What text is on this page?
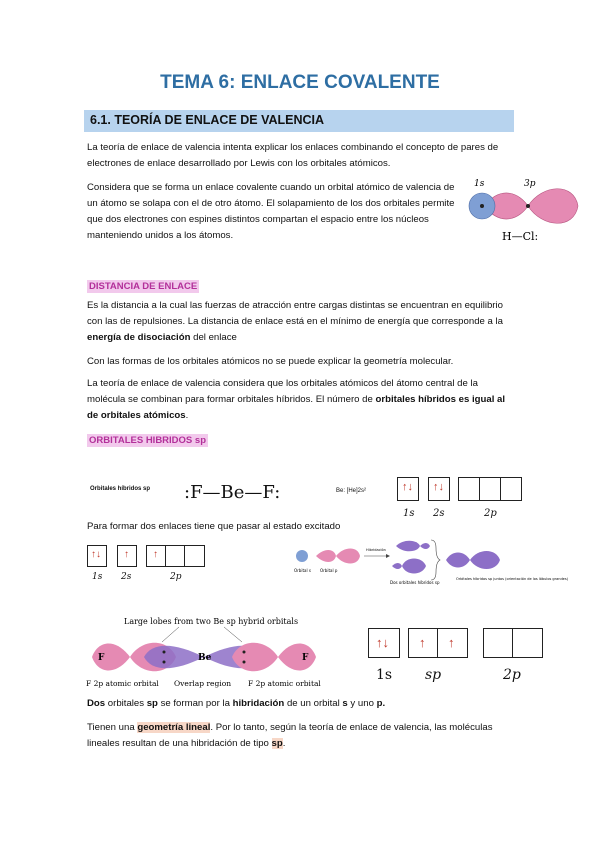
TEMA 6: ENLACE COVALENTE
6.1. TEORÍA DE ENLACE DE VALENCIA
La teoría de enlace de valencia intenta explicar los enlaces combinando el concepto de pares de electrones de enlace desarrollado por Lewis con los orbitales atómicos.
Considera que se forma un enlace covalente cuando un orbital atómico de valencia de un átomo se solapa con el de otro átomo. El solapamiento de los dos orbitales permite que dos electrones con espines distintos compartan el espacio entre los núcleos manteniendo unidos a los átomos.
1s	3p
H—Cl:
DISTANCIA DE ENLACE
Es la distancia a la cual las fuerzas de atracción entre cargas distintas se encuentran en equilibrio con las de repulsiones. La distancia de enlace está en el mínimo de energía que corresponde a la energía de disociación del enlace
Con las formas de los orbitales atómicos no se puede explicar la geometría molecular.
La teoría de enlace de valencia considera que los orbitales atómicos del átomo central de la molécula se combinan para formar orbitales híbridos. El número de orbitales híbridos es igual al de orbitales atómicos.
ORBITALES HIBRIDOS sp
Orbitales híbridos sp :F—Be—F:	Be: [He]2s²	↑↓ ↑↓
1s 2s	2p
Para formar dos enlaces tiene que pasar al estado excitado
↑↓ ↑ ↑
1s 2s	2p
Orbital s Orbital p
Hibridación
Dos orbitales híbridos sp
Orbitales híbridos sp juntos (orientación de los lóbulos grandes)
Large lobes from two Be sp hybrid orbitals
F	Be	F
F 2p atomic orbital Overlap region F 2p atomic orbital
↑↓ ↑ ↑
1s sp	2p
Dos orbitales sp se forman por la hibridación de un orbital s y uno p.
Tienen una geometría lineal. Por lo tanto, según la teoría de enlace de valencia, las moléculas lineales resultan de una hibridación de tipo sp.
